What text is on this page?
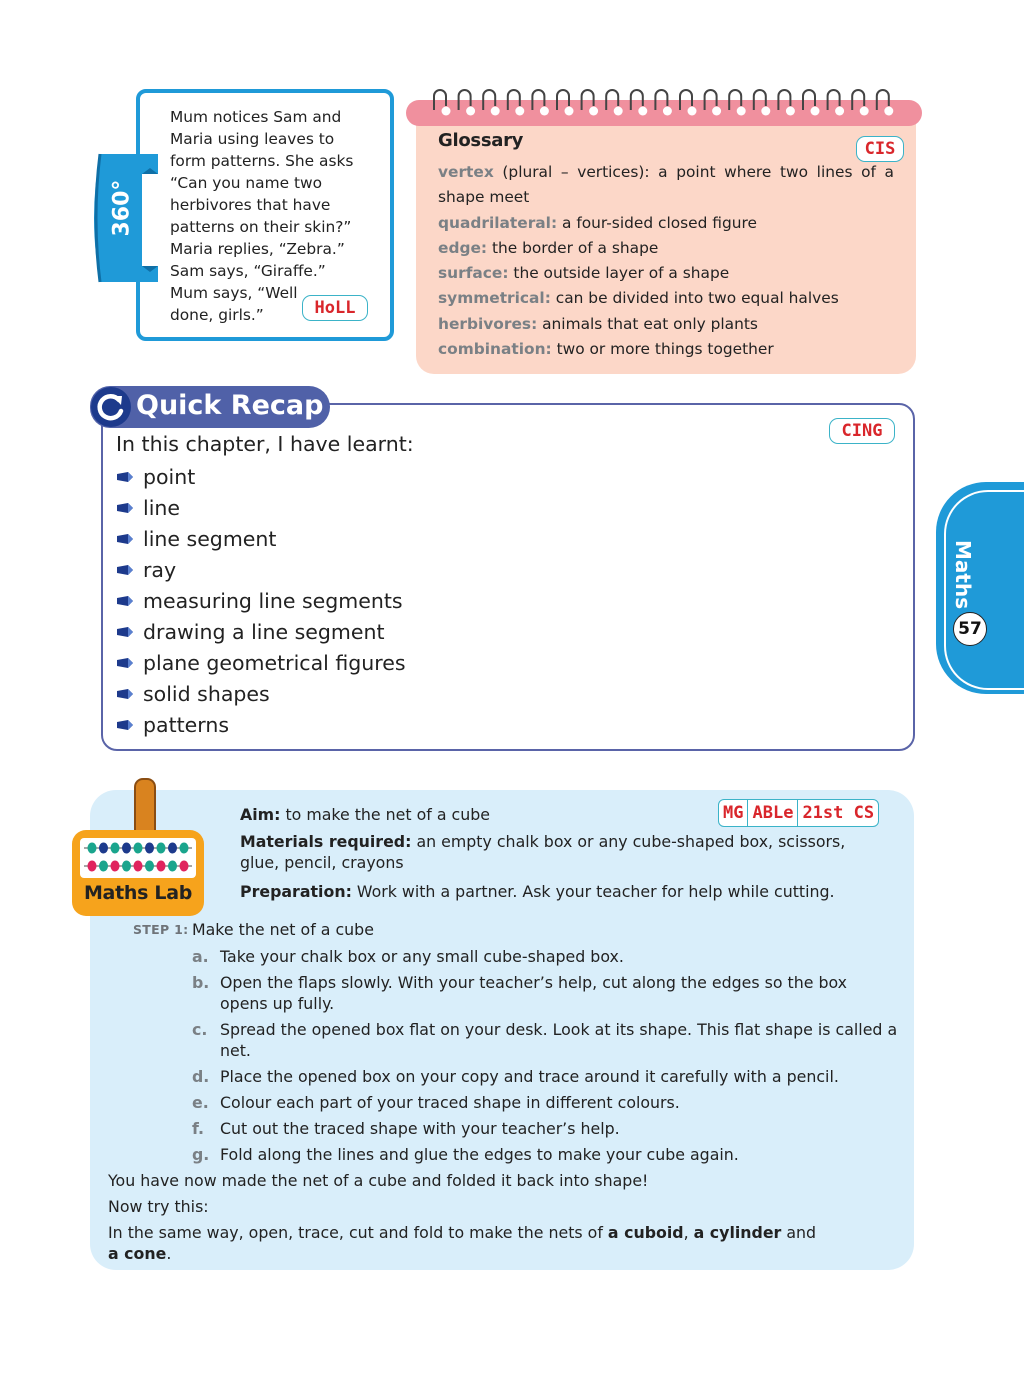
360° SCIENCE
Mum notices Sam and
Maria using leaves to
form patterns. She asks
“Can you name two
herbivores that have
patterns on their skin?”
Maria replies, “Zebra.”
Sam says, “Giraffe.”
Mum says, “Well
done, girls.”	HoLL
Glossary	CIS
vertex (plural – vertices): a point where two lines of a shape meet
quadrilateral: a four-sided closed figure
edge: the border of a shape
surface: the outside layer of a shape
symmetrical: can be divided into two equal halves
herbivores: animals that eat only plants
combination: two or more things together
Quick Recap
CING
In this chapter, I have learnt:
point
line
line segment
ray
measuring line segments
drawing a line segment
plane geometrical figures
solid shapes
patterns
Maths
57
Maths Lab
MG ABLe 21st CS

Aim: to make the net of a cube

Materials required: an empty chalk box or any cube-shaped box, scissors, glue, pencil, crayons

Preparation: Work with a partner. Ask your teacher for help while cutting.

STEP 1: Make the net of a cube
a. Take your chalk box or any small cube-shaped box.
b. Open the flaps slowly. With your teacher’s help, cut along the edges so the box opens up fully.
c. Spread the opened box flat on your desk. Look at its shape. This flat shape is called a net.
d. Place the opened box on your copy and trace around it carefully with a pencil.
e. Colour each part of your traced shape in different colours.
f.	Cut out the traced shape with your teacher’s help.
g. Fold along the lines and glue the edges to make your cube again.

You have now made the net of a cube and folded it back into shape!

Now try this:

In the same way, open, trace, cut and fold to make the nets of a cuboid, a cylinder and
a cone.
